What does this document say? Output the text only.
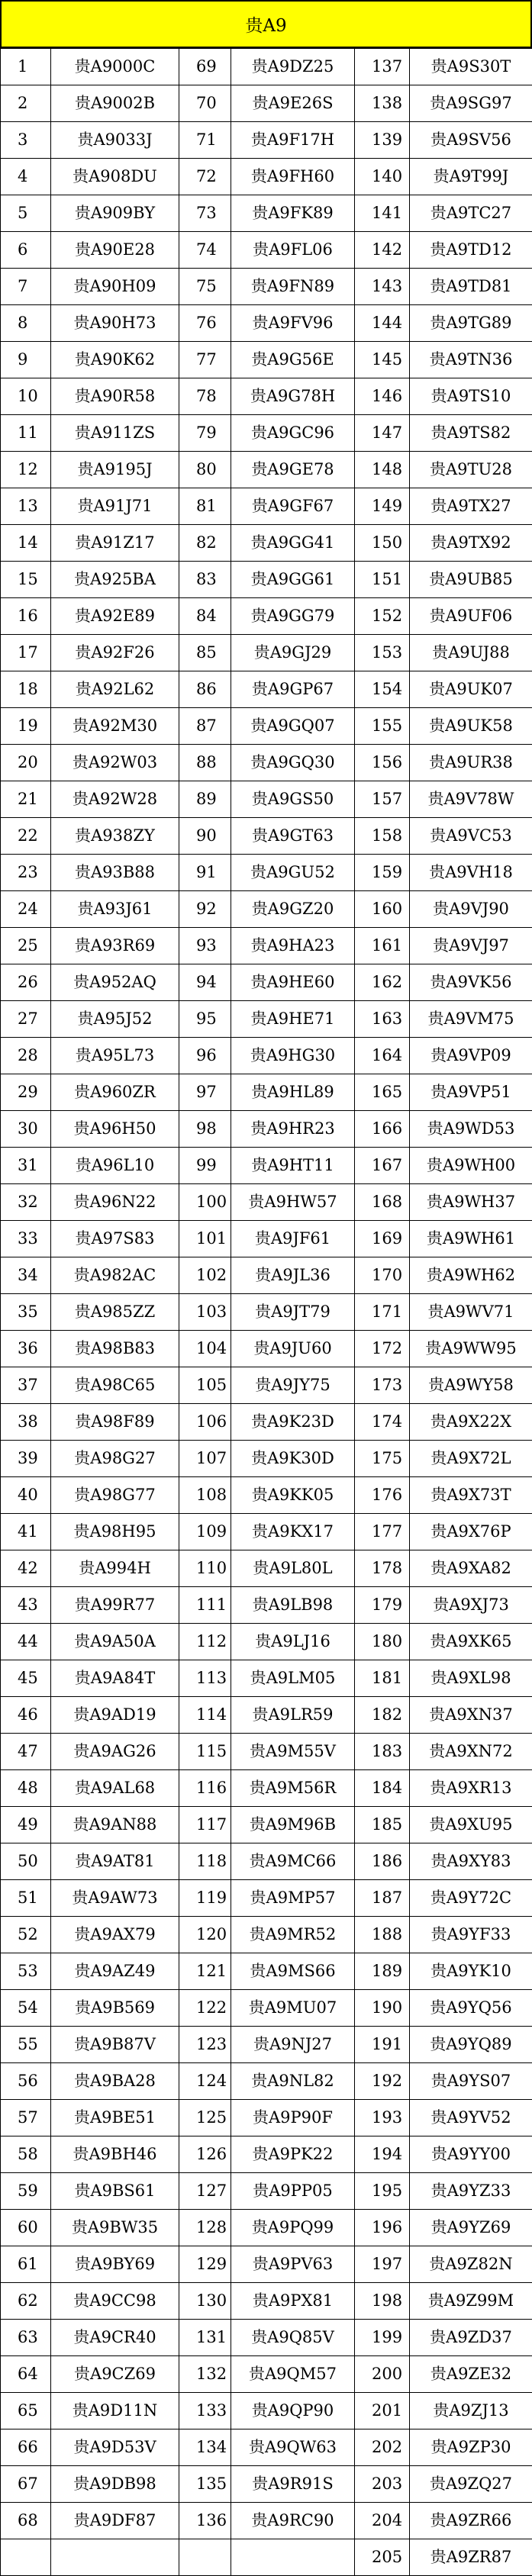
贵A9
1	贵A9000C	69	贵A9DZ25	137	贵A9S30T
2	贵A9002B	70	贵A9E26S	138	贵A9SG97
3	贵A9033J	71	贵A9F17H	139	贵A9SV56
4	贵A908DU	72	贵A9FH60	140	贵A9T99J
5	贵A909BY	73	贵A9FK89	141	贵A9TC27
6	贵A90E28	74	贵A9FL06	142	贵A9TD12
7	贵A90H09	75	贵A9FN89	143	贵A9TD81
8	贵A90H73	76	贵A9FV96	144	贵A9TG89
9	贵A90K62	77	贵A9G56E	145	贵A9TN36
10	贵A90R58	78	贵A9G78H	146	贵A9TS10
11	贵A911ZS	79	贵A9GC96	147	贵A9TS82
12	贵A9195J	80	贵A9GE78	148	贵A9TU28
13	贵A91J71	81	贵A9GF67	149	贵A9TX27
14	贵A91Z17	82	贵A9GG41	150	贵A9TX92
15	贵A925BA	83	贵A9GG61	151	贵A9UB85
16	贵A92E89	84	贵A9GG79	152	贵A9UF06
17	贵A92F26	85	贵A9GJ29	153	贵A9UJ88
18	贵A92L62	86	贵A9GP67	154	贵A9UK07
19	贵A92M30	87	贵A9GQ07	155	贵A9UK58
20	贵A92W03	88	贵A9GQ30	156	贵A9UR38
21	贵A92W28	89	贵A9GS50	157	贵A9V78W
22	贵A938ZY	90	贵A9GT63	158	贵A9VC53
23	贵A93B88	91	贵A9GU52	159	贵A9VH18
24	贵A93J61	92	贵A9GZ20	160	贵A9VJ90
25	贵A93R69	93	贵A9HA23	161	贵A9VJ97
26	贵A952AQ	94	贵A9HE60	162	贵A9VK56
27	贵A95J52	95	贵A9HE71	163	贵A9VM75
28	贵A95L73	96	贵A9HG30	164	贵A9VP09
29	贵A960ZR	97	贵A9HL89	165	贵A9VP51
30	贵A96H50	98	贵A9HR23	166	贵A9WD53
31	贵A96L10	99	贵A9HT11	167	贵A9WH00
32	贵A96N22	100	贵A9HW57	168	贵A9WH37
33	贵A97S83	101	贵A9JF61	169	贵A9WH61
34	贵A982AC	102	贵A9JL36	170	贵A9WH62
35	贵A985ZZ	103	贵A9JT79	171	贵A9WV71
36	贵A98B83	104	贵A9JU60	172	贵A9WW95
37	贵A98C65	105	贵A9JY75	173	贵A9WY58
38	贵A98F89	106	贵A9K23D	174	贵A9X22X
39	贵A98G27	107	贵A9K30D	175	贵A9X72L
40	贵A98G77	108	贵A9KK05	176	贵A9X73T
41	贵A98H95	109	贵A9KX17	177	贵A9X76P
42	贵A994H	110	贵A9L80L	178	贵A9XA82
43	贵A99R77	111	贵A9LB98	179	贵A9XJ73
44	贵A9A50A	112	贵A9LJ16	180	贵A9XK65
45	贵A9A84T	113	贵A9LM05	181	贵A9XL98
46	贵A9AD19	114	贵A9LR59	182	贵A9XN37
47	贵A9AG26	115	贵A9M55V	183	贵A9XN72
48	贵A9AL68	116	贵A9M56R	184	贵A9XR13
49	贵A9AN88	117	贵A9M96B	185	贵A9XU95
50	贵A9AT81	118	贵A9MC66	186	贵A9XY83
51	贵A9AW73	119	贵A9MP57	187	贵A9Y72C
52	贵A9AX79	120	贵A9MR52	188	贵A9YF33
53	贵A9AZ49	121	贵A9MS66	189	贵A9YK10
54	贵A9B569	122	贵A9MU07	190	贵A9YQ56
55	贵A9B87V	123	贵A9NJ27	191	贵A9YQ89
56	贵A9BA28	124	贵A9NL82	192	贵A9YS07
57	贵A9BE51	125	贵A9P90F	193	贵A9YV52
58	贵A9BH46	126	贵A9PK22	194	贵A9YY00
59	贵A9BS61	127	贵A9PP05	195	贵A9YZ33
60	贵A9BW35	128	贵A9PQ99	196	贵A9YZ69
61	贵A9BY69	129	贵A9PV63	197	贵A9Z82N
62	贵A9CC98	130	贵A9PX81	198	贵A9Z99M
63	贵A9CR40	131	贵A9Q85V	199	贵A9ZD37
64	贵A9CZ69	132	贵A9QM57	200	贵A9ZE32
65	贵A9D11N	133	贵A9QP90	201	贵A9ZJ13
66	贵A9D53V	134	贵A9QW63	202	贵A9ZP30
67	贵A9DB98	135	贵A9R91S	203	贵A9ZQ27
68	贵A9DF87	136	贵A9RC90	204	贵A9ZR66
				205	贵A9ZR87
